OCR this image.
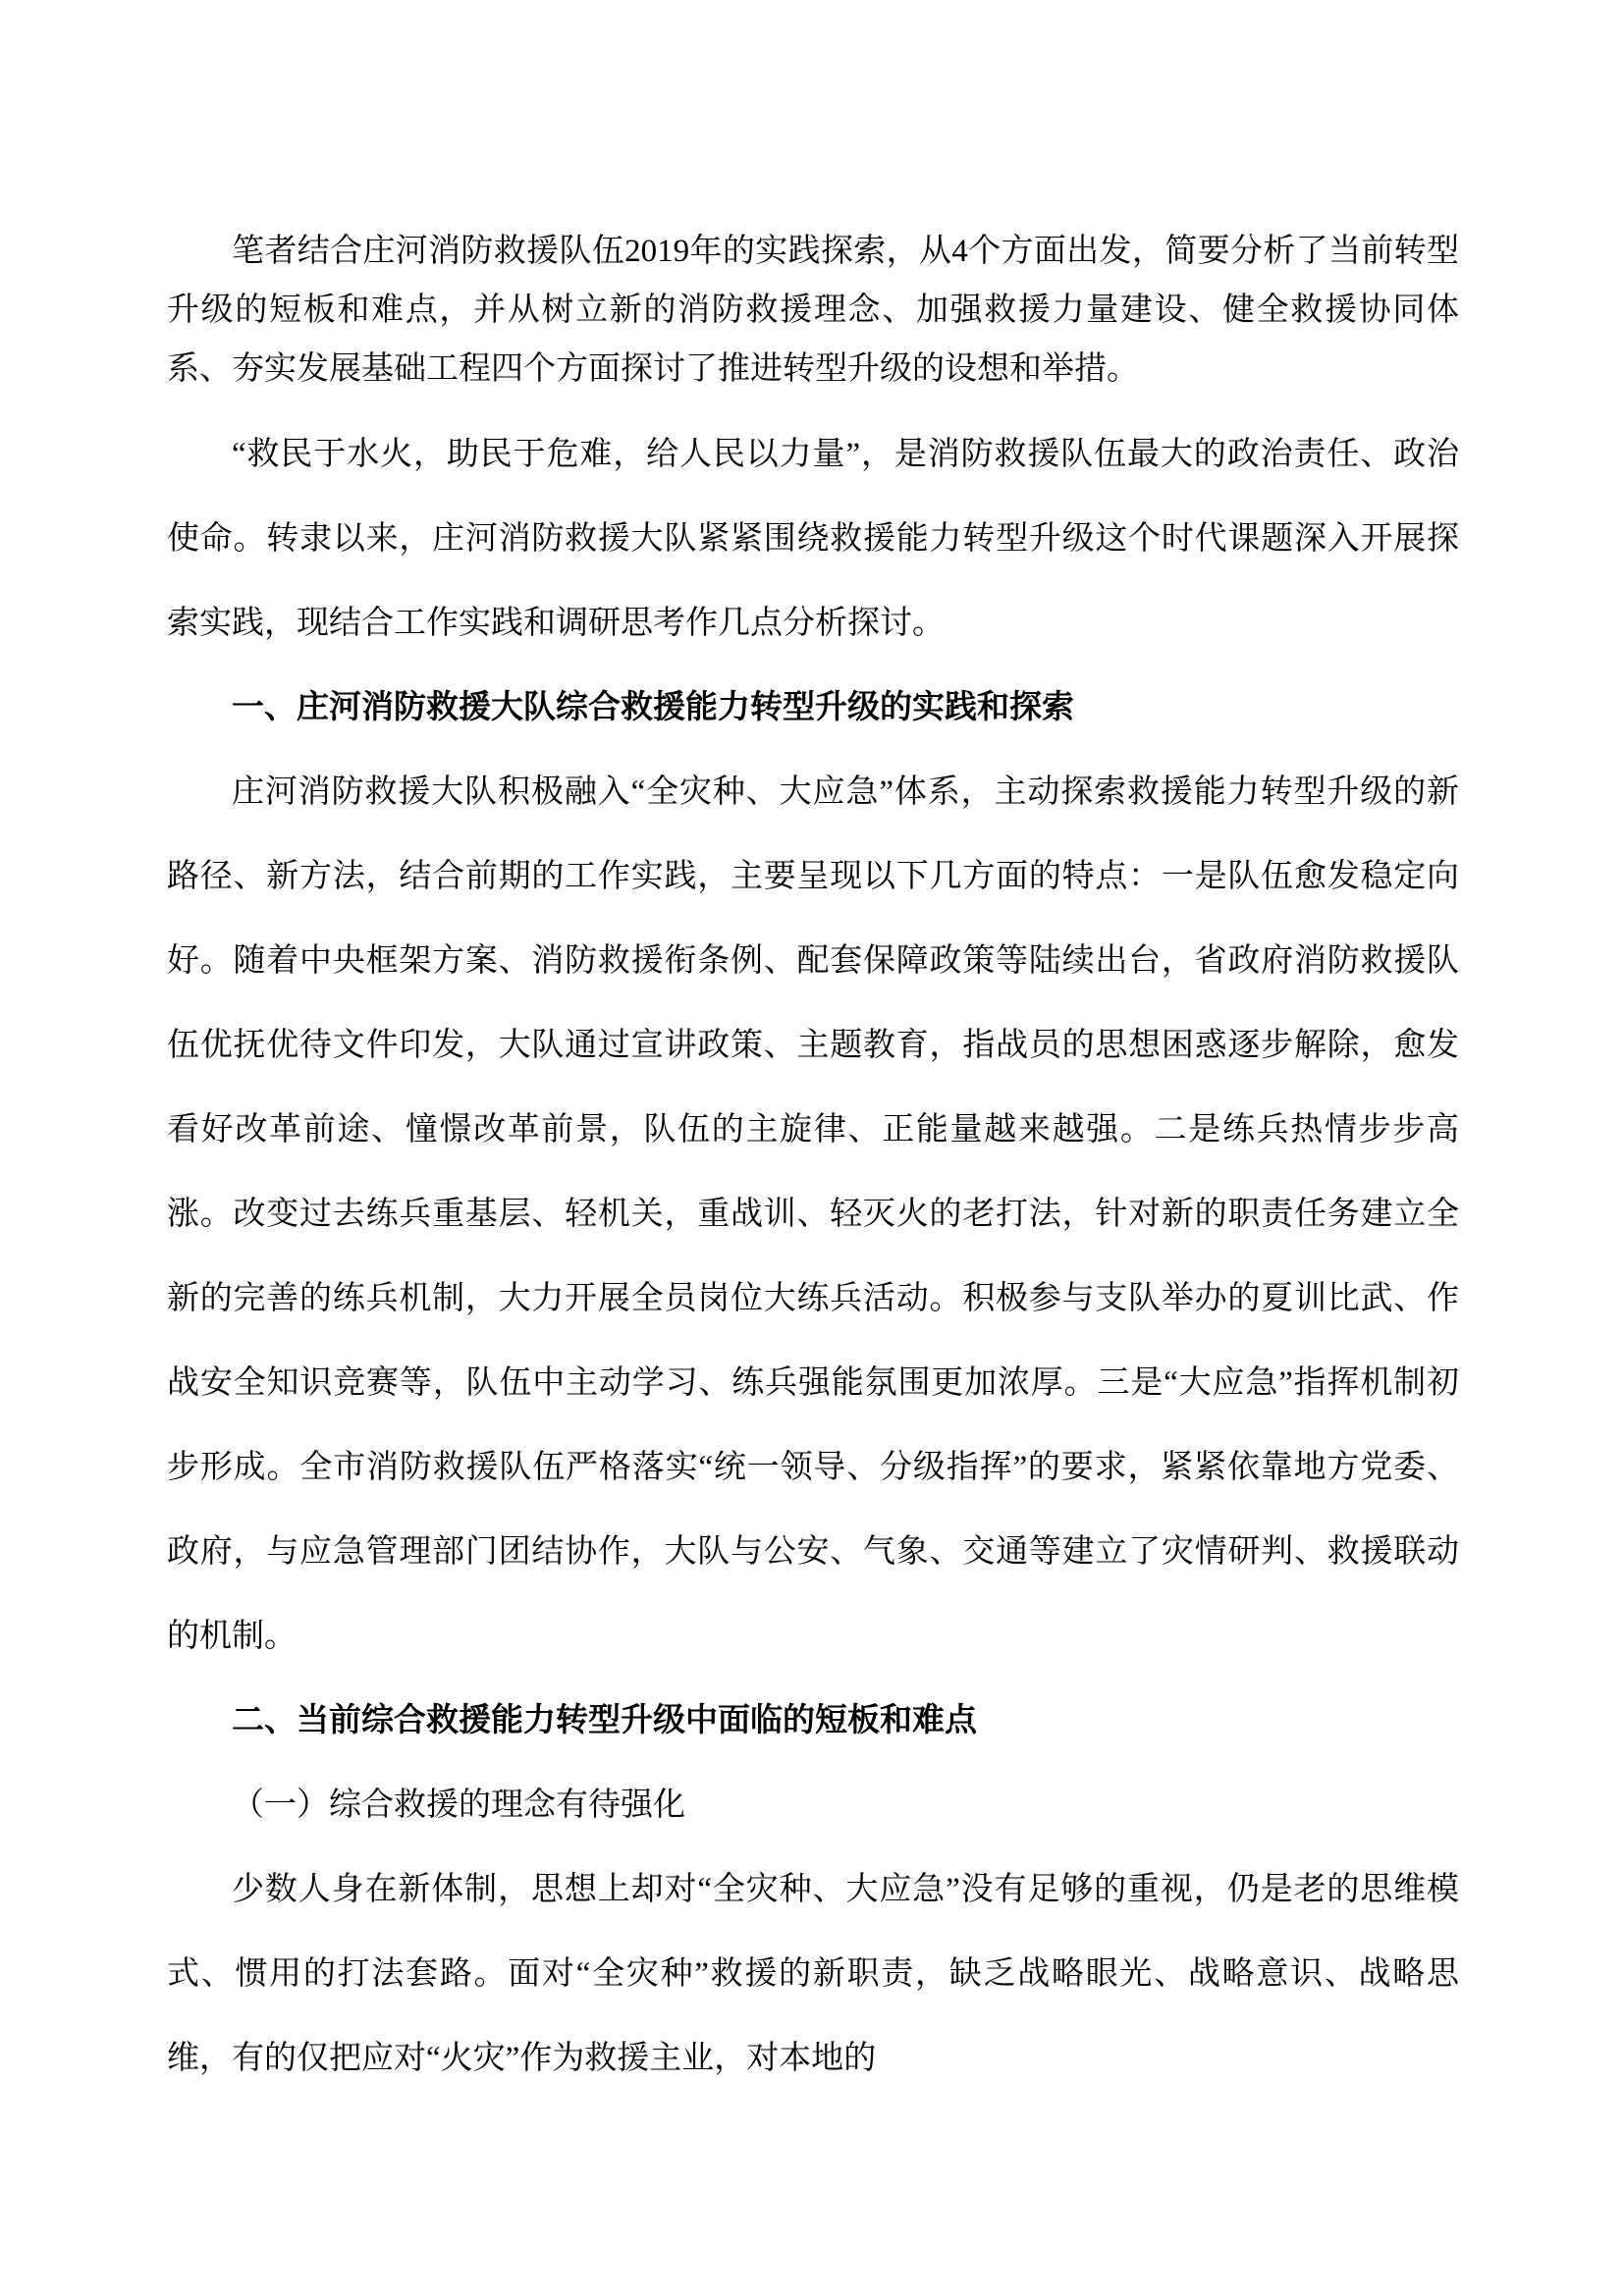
笔者结合庄河消防救援队伍2019年的实践探索，从4个方面出发，简要分析了当前转型升级的短板和难点，并从树立新的消防救援理念、加强救援力量建设、健全救援协同体系、夯实发展基础工程四个方面探讨了推进转型升级的设想和举措。

“救民于水火，助民于危难，给人民以力量”，是消防救援队伍最大的政治责任、政治使命。转隶以来，庄河消防救援大队紧紧围绕救援能力转型升级这个时代课题深入开展探索实践，现结合工作实践和调研思考作几点分析探讨。

一、庄河消防救援大队综合救援能力转型升级的实践和探索

庄河消防救援大队积极融入“全灾种、大应急”体系，主动探索救援能力转型升级的新路径、新方法，结合前期的工作实践，主要呈现以下几方面的特点：一是队伍愈发稳定向好。随着中央框架方案、消防救援衔条例、配套保障政策等陆续出台，省政府消防救援队伍优抚优待文件印发，大队通过宣讲政策、主题教育，指战员的思想困惑逐步解除，愈发看好改革前途、憧憬改革前景，队伍的主旋律、正能量越来越强。二是练兵热情步步高涨。改变过去练兵重基层、轻机关，重战训、轻灭火的老打法，针对新的职责任务建立全新的完善的练兵机制，大力开展全员岗位大练兵活动。积极参与支队举办的夏训比武、作战安全知识竞赛等，队伍中主动学习、练兵强能氛围更加浓厚。三是“大应急”指挥机制初步形成。全市消防救援队伍严格落实“统一领导、分级指挥”的要求，紧紧依靠地方党委、政府，与应急管理部门团结协作，大队与公安、气象、交通等建立了灾情研判、救援联动的机制。

二、当前综合救援能力转型升级中面临的短板和难点
（一）综合救援的理念有待强化

少数人身在新体制，思想上却对“全灾种、大应急”没有足够的重视，仍是老的思维模式、惯用的打法套路。面对“全灾种”救援的新职责，缺乏战略眼光、战略意识、战略思维，有的仅把应对“火灾”作为救援主业，对本地的
